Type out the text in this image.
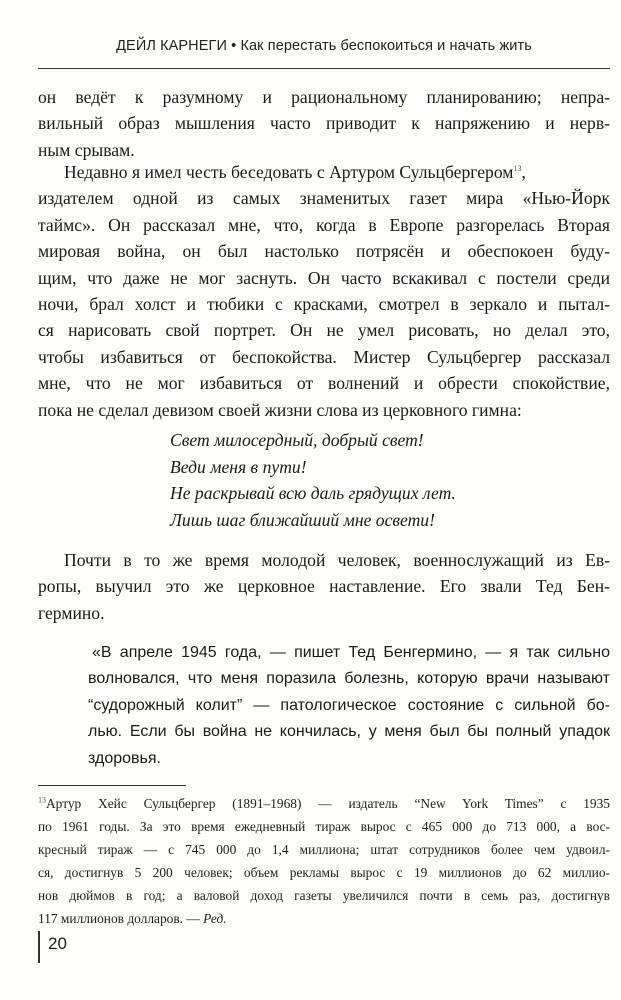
ДЕЙЛ КАРНЕГИ • Как перестать беспокоиться и начать жить
он ведёт к разумному и рациональному планированию; непра-
вильный образ мышления часто приводит к напряжению и нерв-
ным срывам.
Недавно я имел честь беседовать с Артуром Сульцбергером$^{13}$,
издателем одной из самых знаменитых газет мира «Нью-Йорк
таймс». Он рассказал мне, что, когда в Европе разгорелась Вторая
мировая война, он был настолько потрясён и обеспокоен буду-
щим, что даже не мог заснуть. Он часто вскакивал с постели среди
ночи, брал холст и тюбики с красками, смотрел в зеркало и пытал-
ся нарисовать свой портрет. Он не умел рисовать, но делал это,
чтобы избавиться от беспокойства. Мистер Сульцбергер рассказал
мне, что не мог избавиться от волнений и обрести спокойствие,
пока не сделал девизом своей жизни слова из церковного гимна:
Свет милосердный, добрый свет!
Веди меня в пути!
Не раскрывай всю даль грядущих лет.
Лишь шаг ближайший мне освети!
Почти в то же время молодой человек, военнослужащий из Ев-
ропы, выучил это же церковное наставление. Его звали Тед Бен-
гермино.
«В апреле 1945 года, — пишет Тед Бенгермино, — я так сильно
волновался, что меня поразила болезнь, которую врачи называют
“судорожный колит” — патологическое состояние с сильной бо-
лью. Если бы война не кончилась, у меня был бы полный упадок
здоровья.
$^{13}$Артур Хейс Сульцбергер (1891–1968) — издатель “New York Times” с 1935
по 1961 годы. За это время ежедневный тираж вырос с 465 000 до 713 000, а вос-
кресный тираж — с 745 000 до 1,4 миллиона; штат сотрудников более чем удвоил-
ся, достигнув 5 200 человек; объем рекламы вырос с 19 миллионов до 62 миллио-
нов дюймов в год; а валовой доход газеты увеличился почти в семь раз, достигнув
117 миллионов долларов. — Ред.
20
